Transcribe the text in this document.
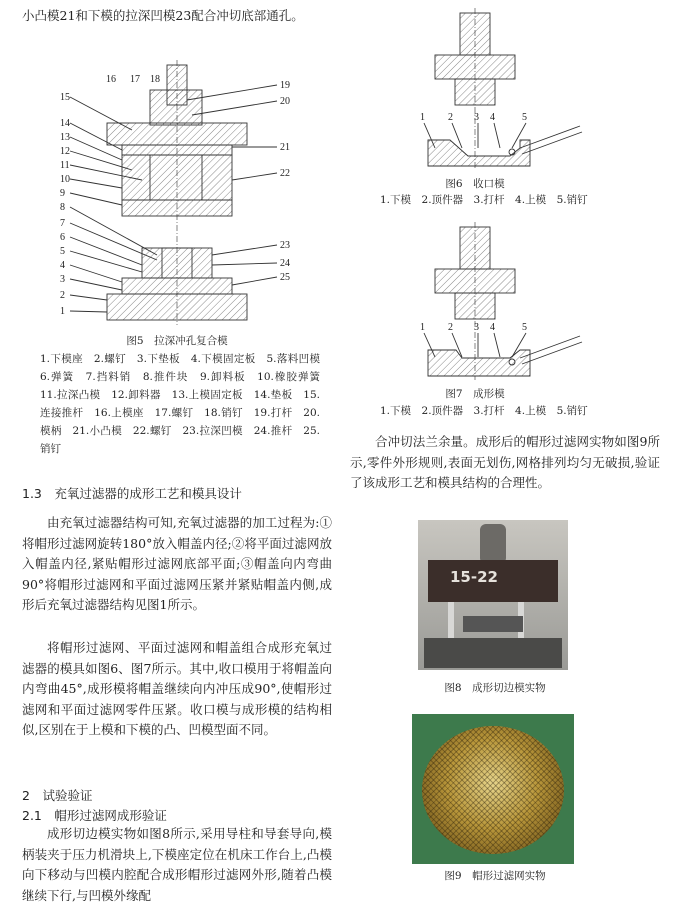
小凸模21和下模的拉深凹模23配合冲切底部通孔。

16 17 18
15
14
13
12
11
10
9
19
20
21
22
8
7
6
5
4
3
2
1
23
24
25

图5　拉深冲孔复合模

1.下模座　2.螺钉　3.下垫板　4.下模固定板　5.落料凹模　6.弹簧　7.挡料销　8.推件块　9.卸料板　10.橡胶弹簧　11.拉深凸模　12.卸料器　13.上模固定板　14.垫板　15.连接推杆　16.上模座　17.螺钉　18.销钉　19.打杆　20.模柄　21.小凸模　22.螺钉　23.拉深凹模　24.推杆　25.销钉

1.3　充氧过滤器的成形工艺和模具设计

由充氧过滤器结构可知,充氧过滤器的加工过程为:①将帽形过滤网旋转180°放入帽盖内径;②将平面过滤网放入帽盖内径,紧贴帽形过滤网底部平面;③帽盖向内弯曲90°将帽形过滤网和平面过滤网压紧并紧贴帽盖内侧,成形后充氧过滤器结构见图1所示。

将帽形过滤网、平面过滤网和帽盖组合成形充氧过滤器的模具如图6、图7所示。其中,收口模用于将帽盖向内弯曲45°,成形模将帽盖继续向内冲压成90°,使帽形过滤网和平面过滤网零件压紧。收口模与成形模的结构相似,区别在于上模和下模的凸、凹模型面不同。

2　试验验证

2.1　帽形过滤网成形验证

成形切边模实物如图8所示,采用导柱和导套导向,模柄装夹于压力机滑块上,下模座定位在机床工作台上,凸模向下移动与凹模内腔配合成形帽形过滤网外形,随着凸模继续下行,与凹模外缘配

1 2 3 4	5

图6　收口模

1.下模　2.顶件器　3.打杆　4.上模　5.销钉

1 2 3 4	5

图7　成形模

1.下模　2.顶件器　3.打杆　4.上模　5.销钉

合冲切法兰余量。成形后的帽形过滤网实物如图9所示,零件外形规则,表面无划伤,网格排列均匀无破损,验证了该成形工艺和模具结构的合理性。

15-22

图8　成形切边模实物

图9　帽形过滤网实物
